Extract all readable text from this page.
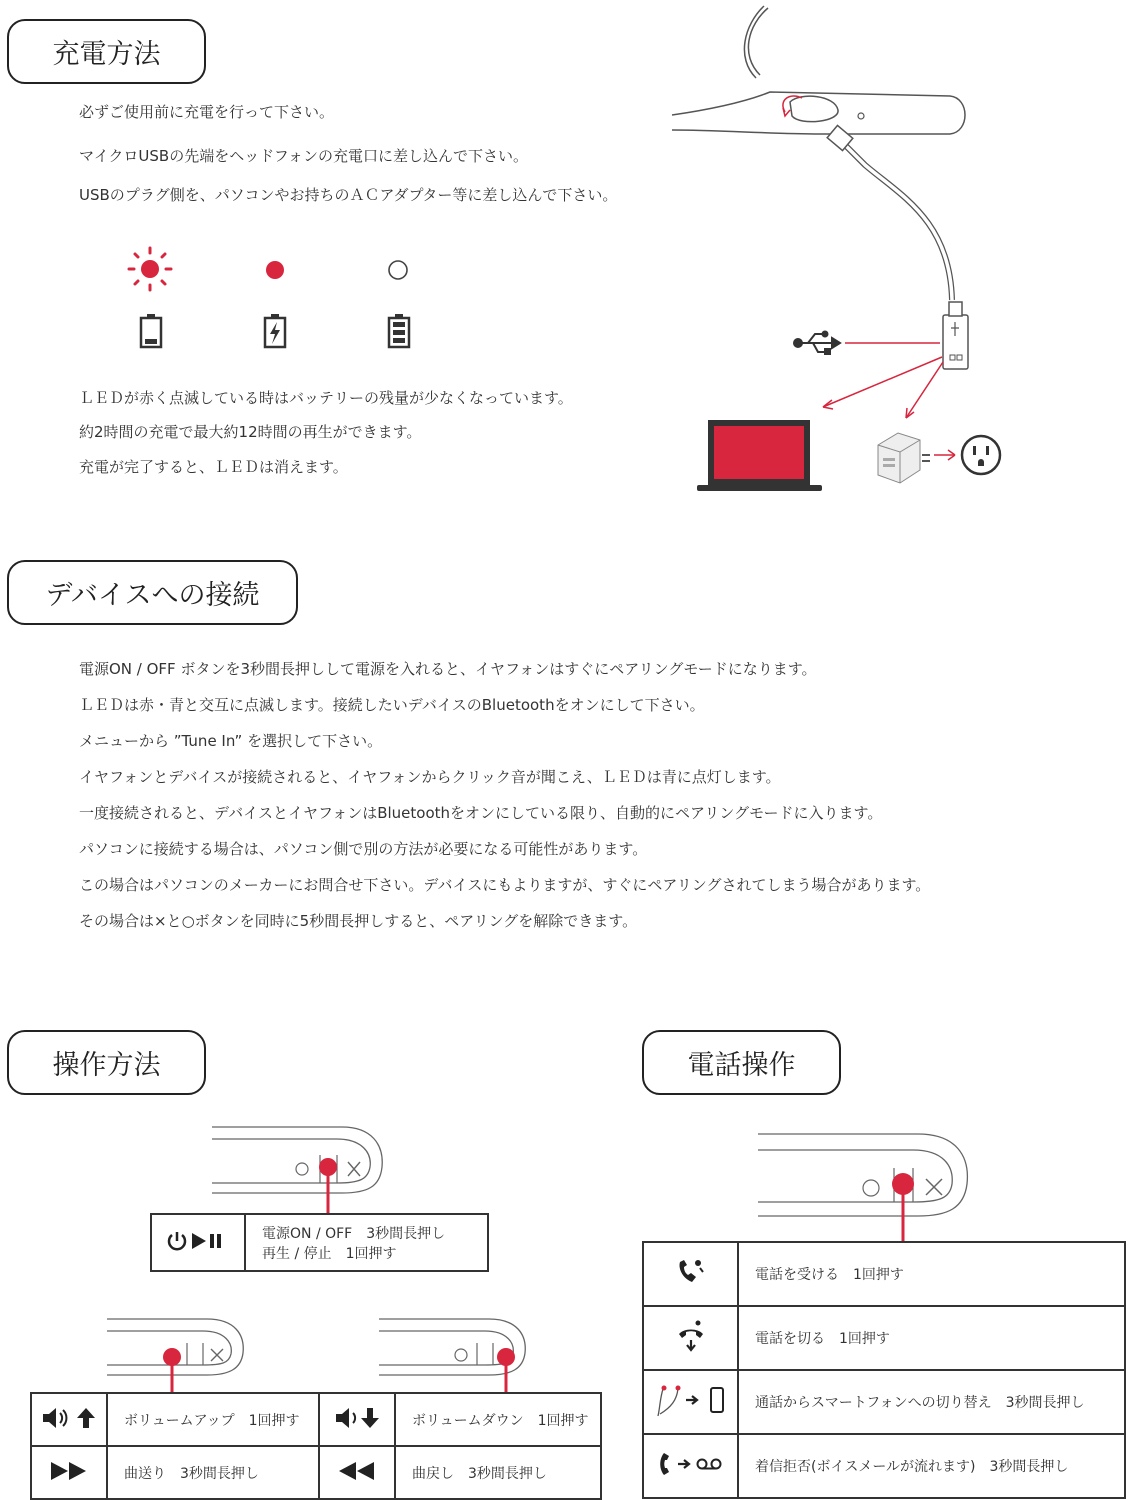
充電方法
必ずご使用前に充電を行って下さい。
マイクロUSBの先端をヘッドフォンの充電口に差し込んで下さい。
USBのプラグ側を、パソコンやお持ちのＡＣアダプター等に差し込んで下さい。
ＬＥＤが赤く点滅している時はバッテリーの残量が少なくなっています。
約2時間の充電で最大約12時間の再生ができます。
充電が完了すると、ＬＥＤは消えます。
デバイスへの接続
電源ON / OFF ボタンを3秒間長押しして電源を入れると、イヤフォンはすぐにペアリングモードになります。
ＬＥＤは赤・青と交互に点滅します。接続したいデバイスのBluetoothをオンにして下さい。
メニューから ”Tune In” を選択して下さい。
イヤフォンとデバイスが接続されると、イヤフォンからクリック音が聞こえ、ＬＥＤは青に点灯します。
一度接続されると、デバイスとイヤフォンはBluetoothをオンにしている限り、自動的にペアリングモードに入ります。
パソコンに接続する場合は、パソコン側で別の方法が必要になる可能性があります。
この場合はパソコンのメーカーにお問合せ下さい。デバイスにもよりますが、すぐにペアリングされてしまう場合があります。
その場合は×と○ボタンを同時に5秒間長押しすると、ペアリングを解除できます。
操作方法

電源ON / OFF　3秒間長押し
再生 / 停止　1回押す
	ボリュームアップ　1回押す		ボリュームダウン　1回押す
	曲送り　3秒間長押し		曲戻し　3秒間長押し
電話操作
	電話を受ける　1回押す
	電話を切る　1回押す
	通話からスマートフォンへの切り替え　3秒間長押し
	着信拒否(ボイスメールが流れます)　3秒間長押し
